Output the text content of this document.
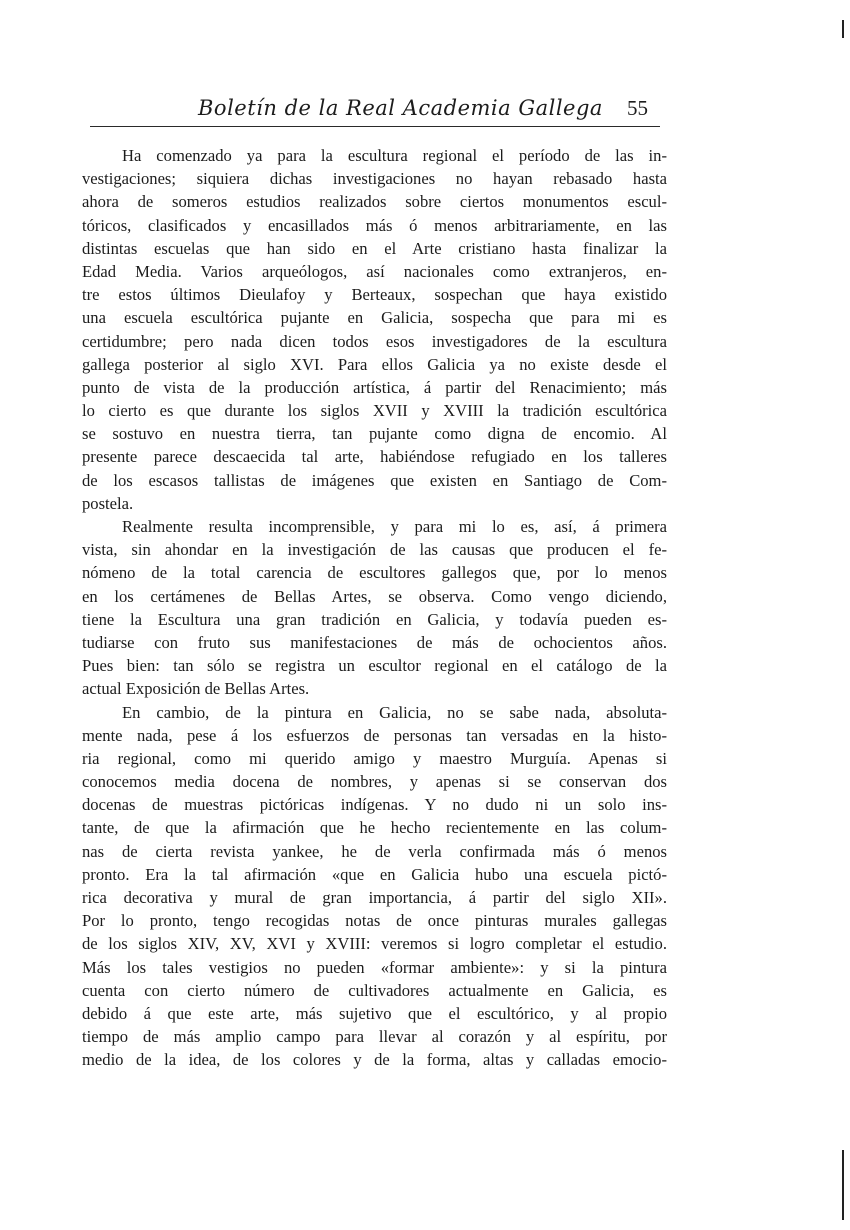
Boletín de la Real Academia Gallega 55
Ha comenzado ya para la escultura regional el período de las in-
vestigaciones; siquiera dichas investigaciones no hayan rebasado hasta
ahora de someros estudios realizados sobre ciertos monumentos escul-
tóricos, clasificados y encasillados más ó menos arbitrariamente, en las
distintas escuelas que han sido en el Arte cristiano hasta finalizar la
Edad Media. Varios arqueólogos, así nacionales como extranjeros, en-
tre estos últimos Dieulafoy y Berteaux, sospechan que haya existido
una escuela escultórica pujante en Galicia, sospecha que para mi es
certidumbre; pero nada dicen todos esos investigadores de la escultura
gallega posterior al siglo XVI. Para ellos Galicia ya no existe desde el
punto de vista de la producción artística, á partir del Renacimiento; más
lo cierto es que durante los siglos XVII y XVIII la tradición escultórica
se sostuvo en nuestra tierra, tan pujante como digna de encomio. Al
presente parece descaecida tal arte, habiéndose refugiado en los talleres
de los escasos tallistas de imágenes que existen en Santiago de Com-
postela.
Realmente resulta incomprensible, y para mi lo es, así, á primera
vista, sin ahondar en la investigación de las causas que producen el fe-
nómeno de la total carencia de escultores gallegos que, por lo menos
en los certámenes de Bellas Artes, se observa. Como vengo diciendo,
tiene la Escultura una gran tradición en Galicia, y todavía pueden es-
tudiarse con fruto sus manifestaciones de más de ochocientos años.
Pues bien: tan sólo se registra un escultor regional en el catálogo de la
actual Exposición de Bellas Artes.
En cambio, de la pintura en Galicia, no se sabe nada, absoluta-
mente nada, pese á los esfuerzos de personas tan versadas en la histo-
ria regional, como mi querido amigo y maestro Murguía. Apenas si
conocemos media docena de nombres, y apenas si se conservan dos
docenas de muestras pictóricas indígenas. Y no dudo ni un solo ins-
tante, de que la afirmación que he hecho recientemente en las colum-
nas de cierta revista yankee, he de verla confirmada más ó menos
pronto. Era la tal afirmación «que en Galicia hubo una escuela pictó-
rica decorativa y mural de gran importancia, á partir del siglo XII».
Por lo pronto, tengo recogidas notas de once pinturas murales gallegas
de los siglos XIV, XV, XVI y XVIII: veremos si logro completar el estudio.
Más los tales vestigios no pueden «formar ambiente»: y si la pintura
cuenta con cierto número de cultivadores actualmente en Galicia, es
debido á que este arte, más sujetivo que el escultórico, y al propio
tiempo de más amplio campo para llevar al corazón y al espíritu, por
medio de la idea, de los colores y de la forma, altas y calladas emocio-
